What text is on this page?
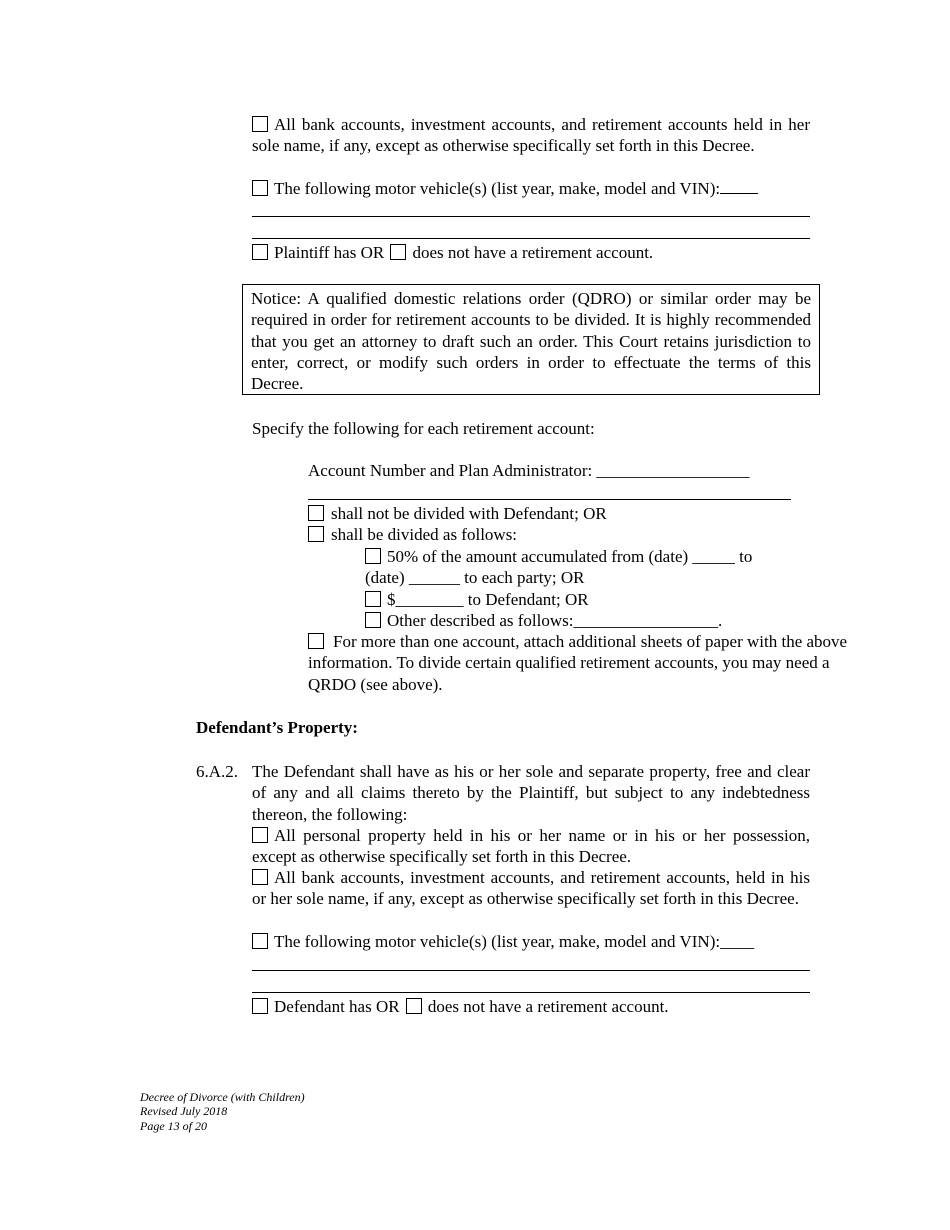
All bank accounts, investment accounts, and retirement accounts held in her sole name, if any, except as otherwise specifically set forth in this Decree.
The following motor vehicle(s) (list year, make, model and VIN):
Plaintiff has OR does not have a retirement account.
Notice: A qualified domestic relations order (QDRO) or similar order may be required in order for retirement accounts to be divided. It is highly recommended that you get an attorney to draft such an order. This Court retains jurisdiction to enter, correct, or modify such orders in order to effectuate the terms of this Decree.
Specify the following for each retirement account:
Account Number and Plan Administrator: __________________
shall not be divided with Defendant; OR
shall be divided as follows:
50% of the amount accumulated from (date) _____ to
(date) ______ to each party; OR
$________ to Defendant; OR
Other described as follows:_________________.
For more than one account, attach additional sheets of paper with the above information. To divide certain qualified retirement accounts, you may need a QRDO (see above).
Defendant’s Property:
6.A.2. The Defendant shall have as his or her sole and separate property, free and clear of any and all claims thereto by the Plaintiff, but subject to any indebtedness thereon, the following:
All personal property held in his or her name or in his or her possession, except as otherwise specifically set forth in this Decree.
All bank accounts, investment accounts, and retirement accounts, held in his or her sole name, if any, except as otherwise specifically set forth in this Decree.
The following motor vehicle(s) (list year, make, model and VIN):____
Defendant has OR does not have a retirement account.
Decree of Divorce (with Children)
Revised July 2018
Page 13 of 20
